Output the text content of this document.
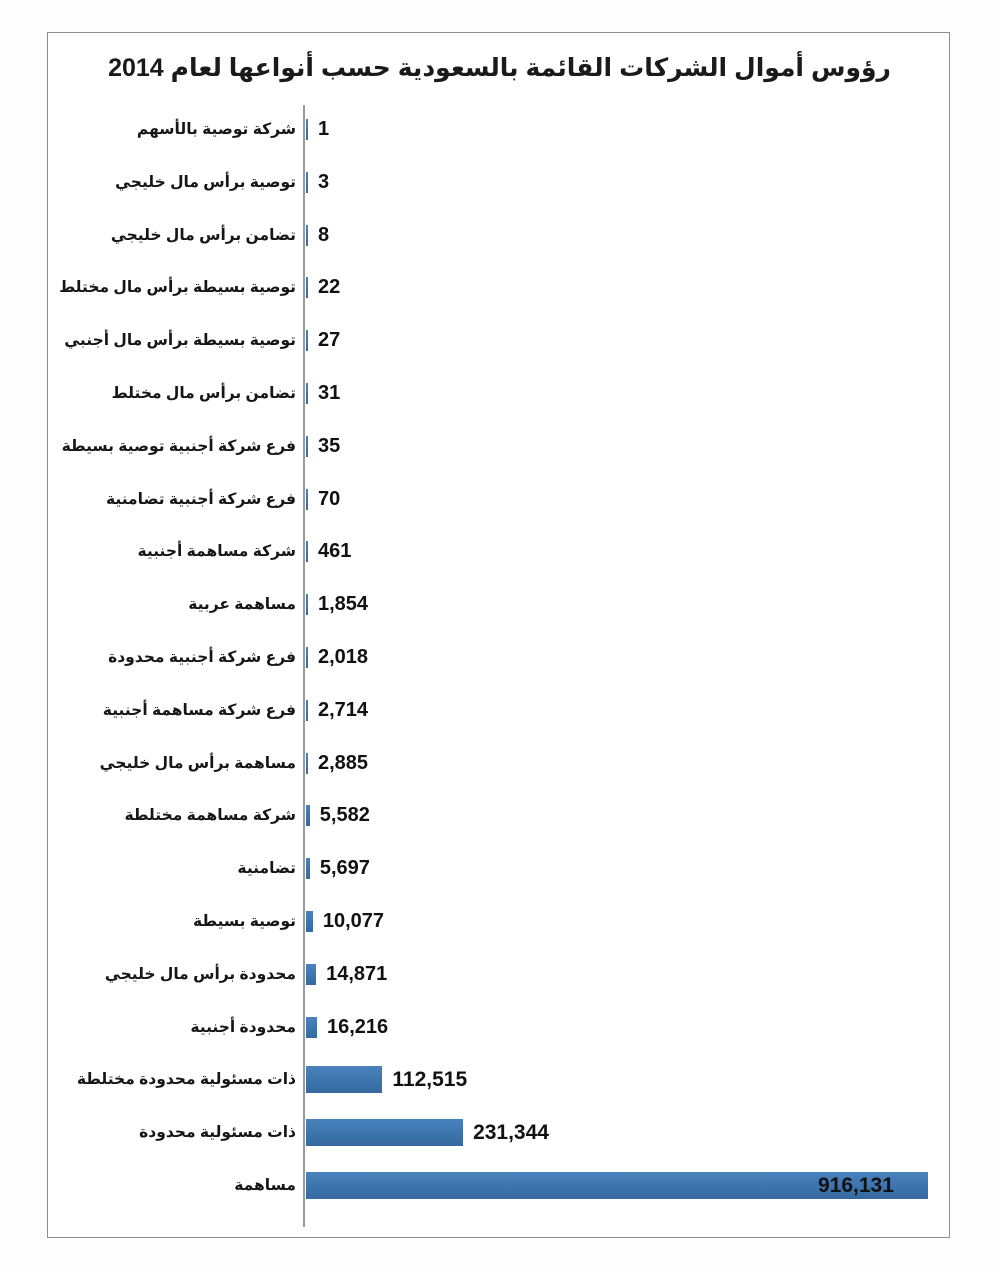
رؤوس أموال الشركات القائمة بالسعودية حسب أنواعها لعام 2014
شركة توصية بالأسهم 1
توصية برأس مال خليجي 3
تضامن برأس مال خليجي 8
توصية بسيطة برأس مال مختلط 22
توصية بسيطة برأس مال أجنبي 27
تضامن برأس مال مختلط 31
فرع شركة أجنبية توصية بسيطة 35
فرع شركة أجنبية تضامنية 70
شركة مساهمة أجنبية 461
مساهمة عربية 1,854
فرع شركة أجنبية محدودة 2,018
فرع شركة مساهمة أجنبية 2,714
مساهمة برأس مال خليجي 2,885
شركة مساهمة مختلطة 5,582
تضامنية 5,697
توصية بسيطة 10,077
محدودة برأس مال خليجي 14,871
محدودة أجنبية 16,216
ذات مسئولية محدودة مختلطة	112,515
ذات مسئولية محدودة	231,344
مساهمة	916,131
